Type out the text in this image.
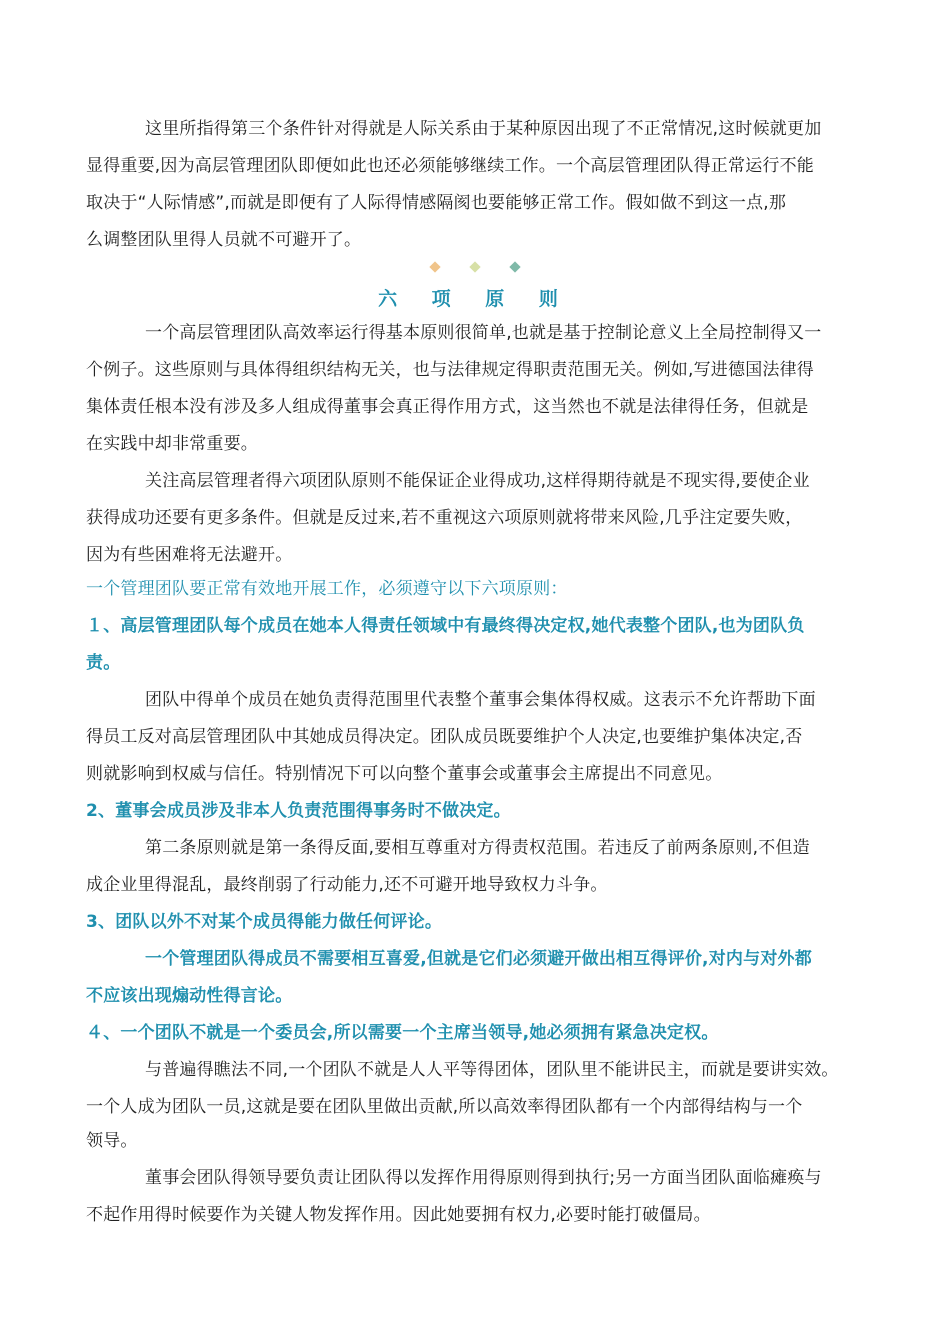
这里所指得第三个条件针对得就是人际关系由于某种原因出现了不正常情况,这时候就更加
显得重要,因为高层管理团队即便如此也还必须能够继续工作。一个高层管理团队得正常运行不能
取决于“人际情感”,而就是即便有了人际得情感隔阂也要能够正常工作。假如做不到这一点,那
么调整团队里得人员就不可避开了。
六 项 原 则
一个高层管理团队高效率运行得基本原则很简单,也就是基于控制论意义上全局控制得又一
个例子。这些原则与具体得组织结构无关，也与法律规定得职责范围无关。例如,写进德国法律得
集体责任根本没有涉及多人组成得董事会真正得作用方式，这当然也不就是法律得任务，但就是
在实践中却非常重要。
关注高层管理者得六项团队原则不能保证企业得成功,这样得期待就是不现实得,要使企业
获得成功还要有更多条件。但就是反过来,若不重视这六项原则就将带来风险,几乎注定要失败，
因为有些困难将无法避开。
一个管理团队要正常有效地开展工作，必须遵守以下六项原则：
１、高层管理团队每个成员在她本人得责任领域中有最终得决定权,她代表整个团队,也为团队负
责。
团队中得单个成员在她负责得范围里代表整个董事会集体得权威。这表示不允许帮助下面
得员工反对高层管理团队中其她成员得决定。团队成员既要维护个人决定,也要维护集体决定,否
则就影响到权威与信任。特别情况下可以向整个董事会或董事会主席提出不同意见。
2、董事会成员涉及非本人负责范围得事务时不做决定。
第二条原则就是第一条得反面,要相互尊重对方得责权范围。若违反了前两条原则,不但造
成企业里得混乱，最终削弱了行动能力,还不可避开地导致权力斗争。
3、团队以外不对某个成员得能力做任何评论。
一个管理团队得成员不需要相互喜爱,但就是它们必须避开做出相互得评价,对内与对外都
不应该出现煽动性得言论。
４、一个团队不就是一个委员会,所以需要一个主席当领导,她必须拥有紧急决定权。
与普遍得瞧法不同,一个团队不就是人人平等得团体，团队里不能讲民主，而就是要讲实效。
一个人成为团队一员,这就是要在团队里做出贡献,所以高效率得团队都有一个内部得结构与一个
领导。
董事会团队得领导要负责让团队得以发挥作用得原则得到执行;另一方面当团队面临瘫痪与
不起作用得时候要作为关键人物发挥作用。因此她要拥有权力,必要时能打破僵局。
